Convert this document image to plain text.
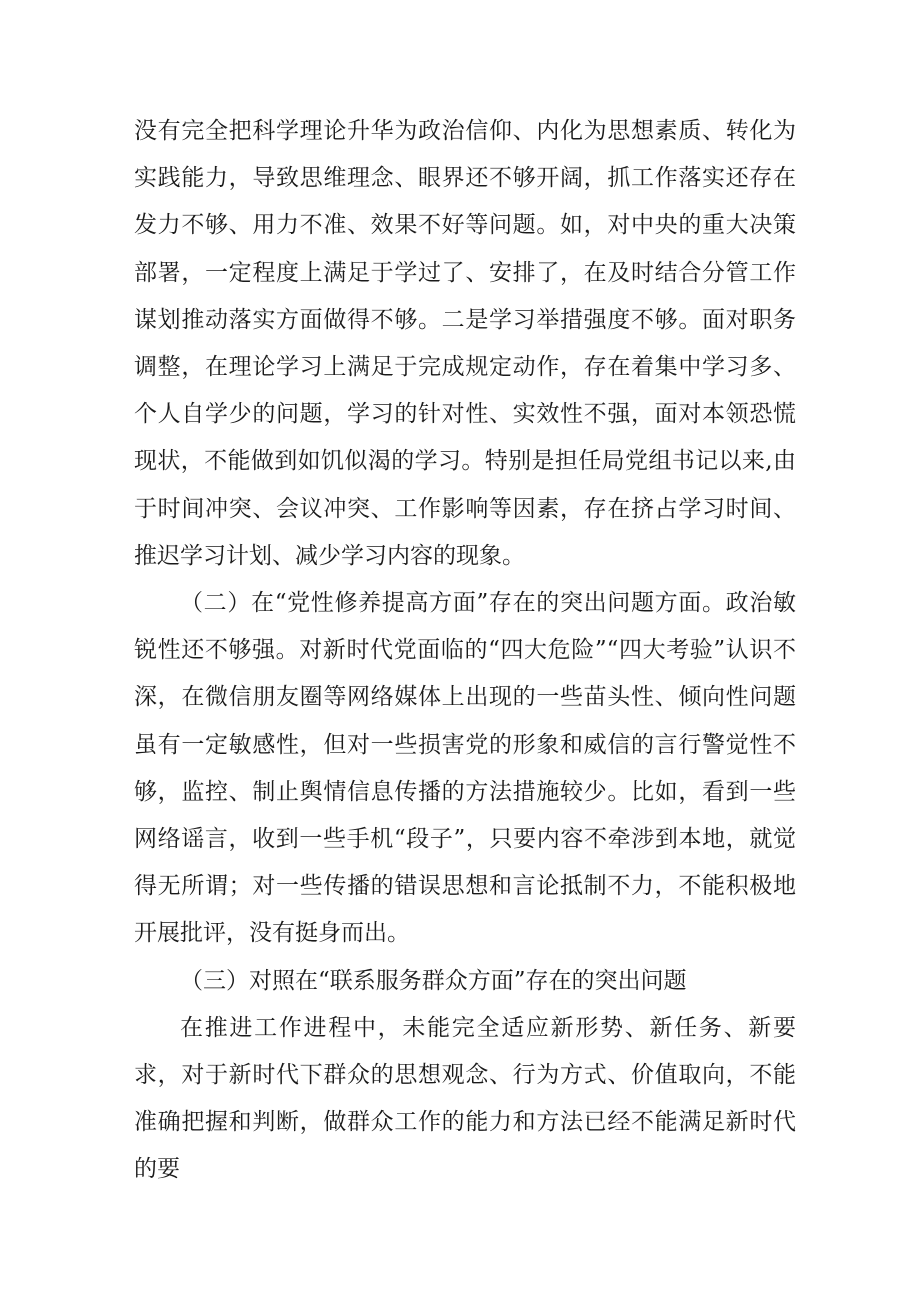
没有完全把科学理论升华为政治信仰、内化为思想素质、转化为实践能力，导致思维理念、眼界还不够开阔，抓工作落实还存在发力不够、用力不准、效果不好等问题。如，对中央的重大决策部署，一定程度上满足于学过了、安排了，在及时结合分管工作谋划推动落实方面做得不够。二是学习举措强度不够。面对职务调整，在理论学习上满足于完成规定动作，存在着集中学习多、个人自学少的问题，学习的针对性、实效性不强，面对本领恐慌现状，不能做到如饥似渴的学习。特别是担任局党组书记以来,由于时间冲突、会议冲突、工作影响等因素，存在挤占学习时间、推迟学习计划、减少学习内容的现象。

（二）在“党性修养提高方面”存在的突出问题方面。政治敏锐性还不够强。对新时代党面临的“四大危险”“四大考验”认识不深，在微信朋友圈等网络媒体上出现的一些苗头性、倾向性问题虽有一定敏感性，但对一些损害党的形象和威信的言行警觉性不够，监控、制止舆情信息传播的方法措施较少。比如，看到一些网络谣言，收到一些手机“段子”，只要内容不牵涉到本地，就觉得无所谓；对一些传播的错误思想和言论抵制不力，不能积极地开展批评，没有挺身而出。

（三）对照在“联系服务群众方面”存在的突出问题

在推进工作进程中，未能完全适应新形势、新任务、新要求，对于新时代下群众的思想观念、行为方式、价值取向，不能准确把握和判断，做群众工作的能力和方法已经不能满足新时代的要
